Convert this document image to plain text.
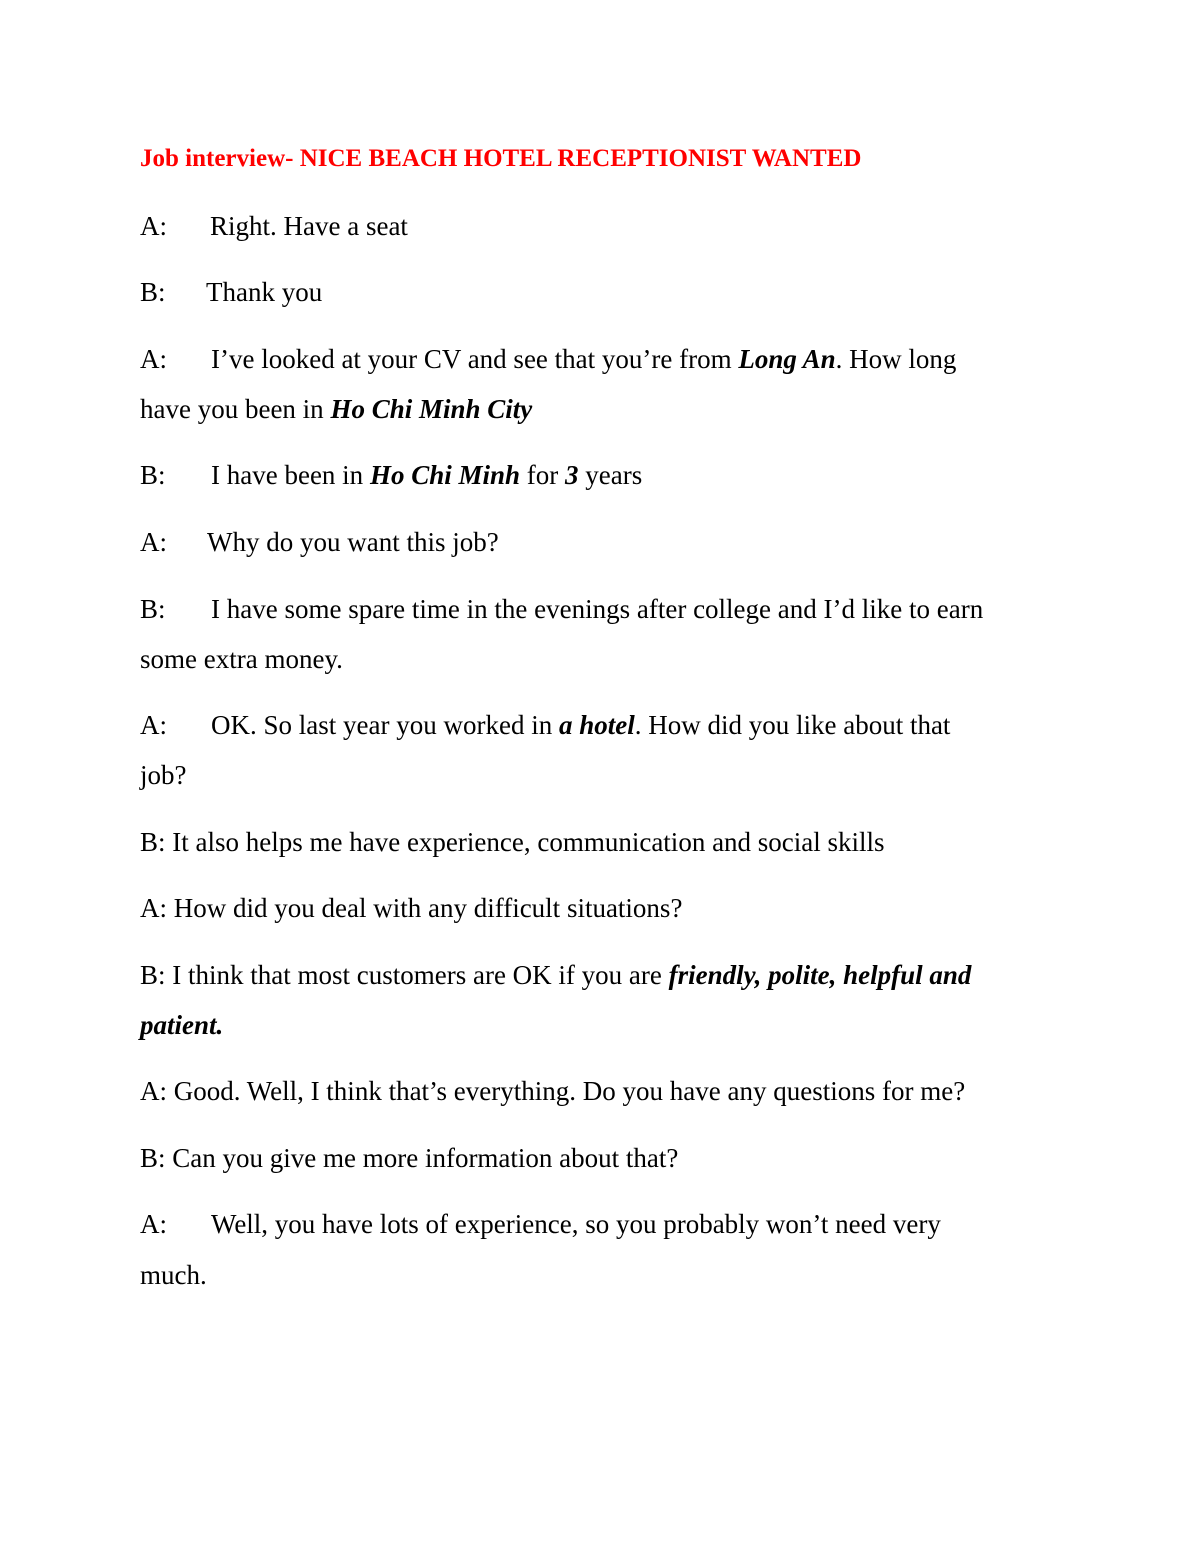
Job interview- NICE BEACH HOTEL RECEPTIONIST WANTED
A: Right. Have a seat
B: Thank you
A: I’ve looked at your CV and see that you’re from Long An. How long
have you been in Ho Chi Minh City
B: I have been in Ho Chi Minh for 3 years
A: Why do you want this job?
B: I have some spare time in the evenings after college and I’d like to earn
some extra money.
A: OK. So last year you worked in a hotel. How did you like about that
job?
B: It also helps me have experience, communication and social skills
A: How did you deal with any difficult situations?
B: I think that most customers are OK if you are friendly, polite, helpful and
patient.
A: Good. Well, I think that’s everything. Do you have any questions for me?
B: Can you give me more information about that?
A: Well, you have lots of experience, so you probably won’t need very
much.
